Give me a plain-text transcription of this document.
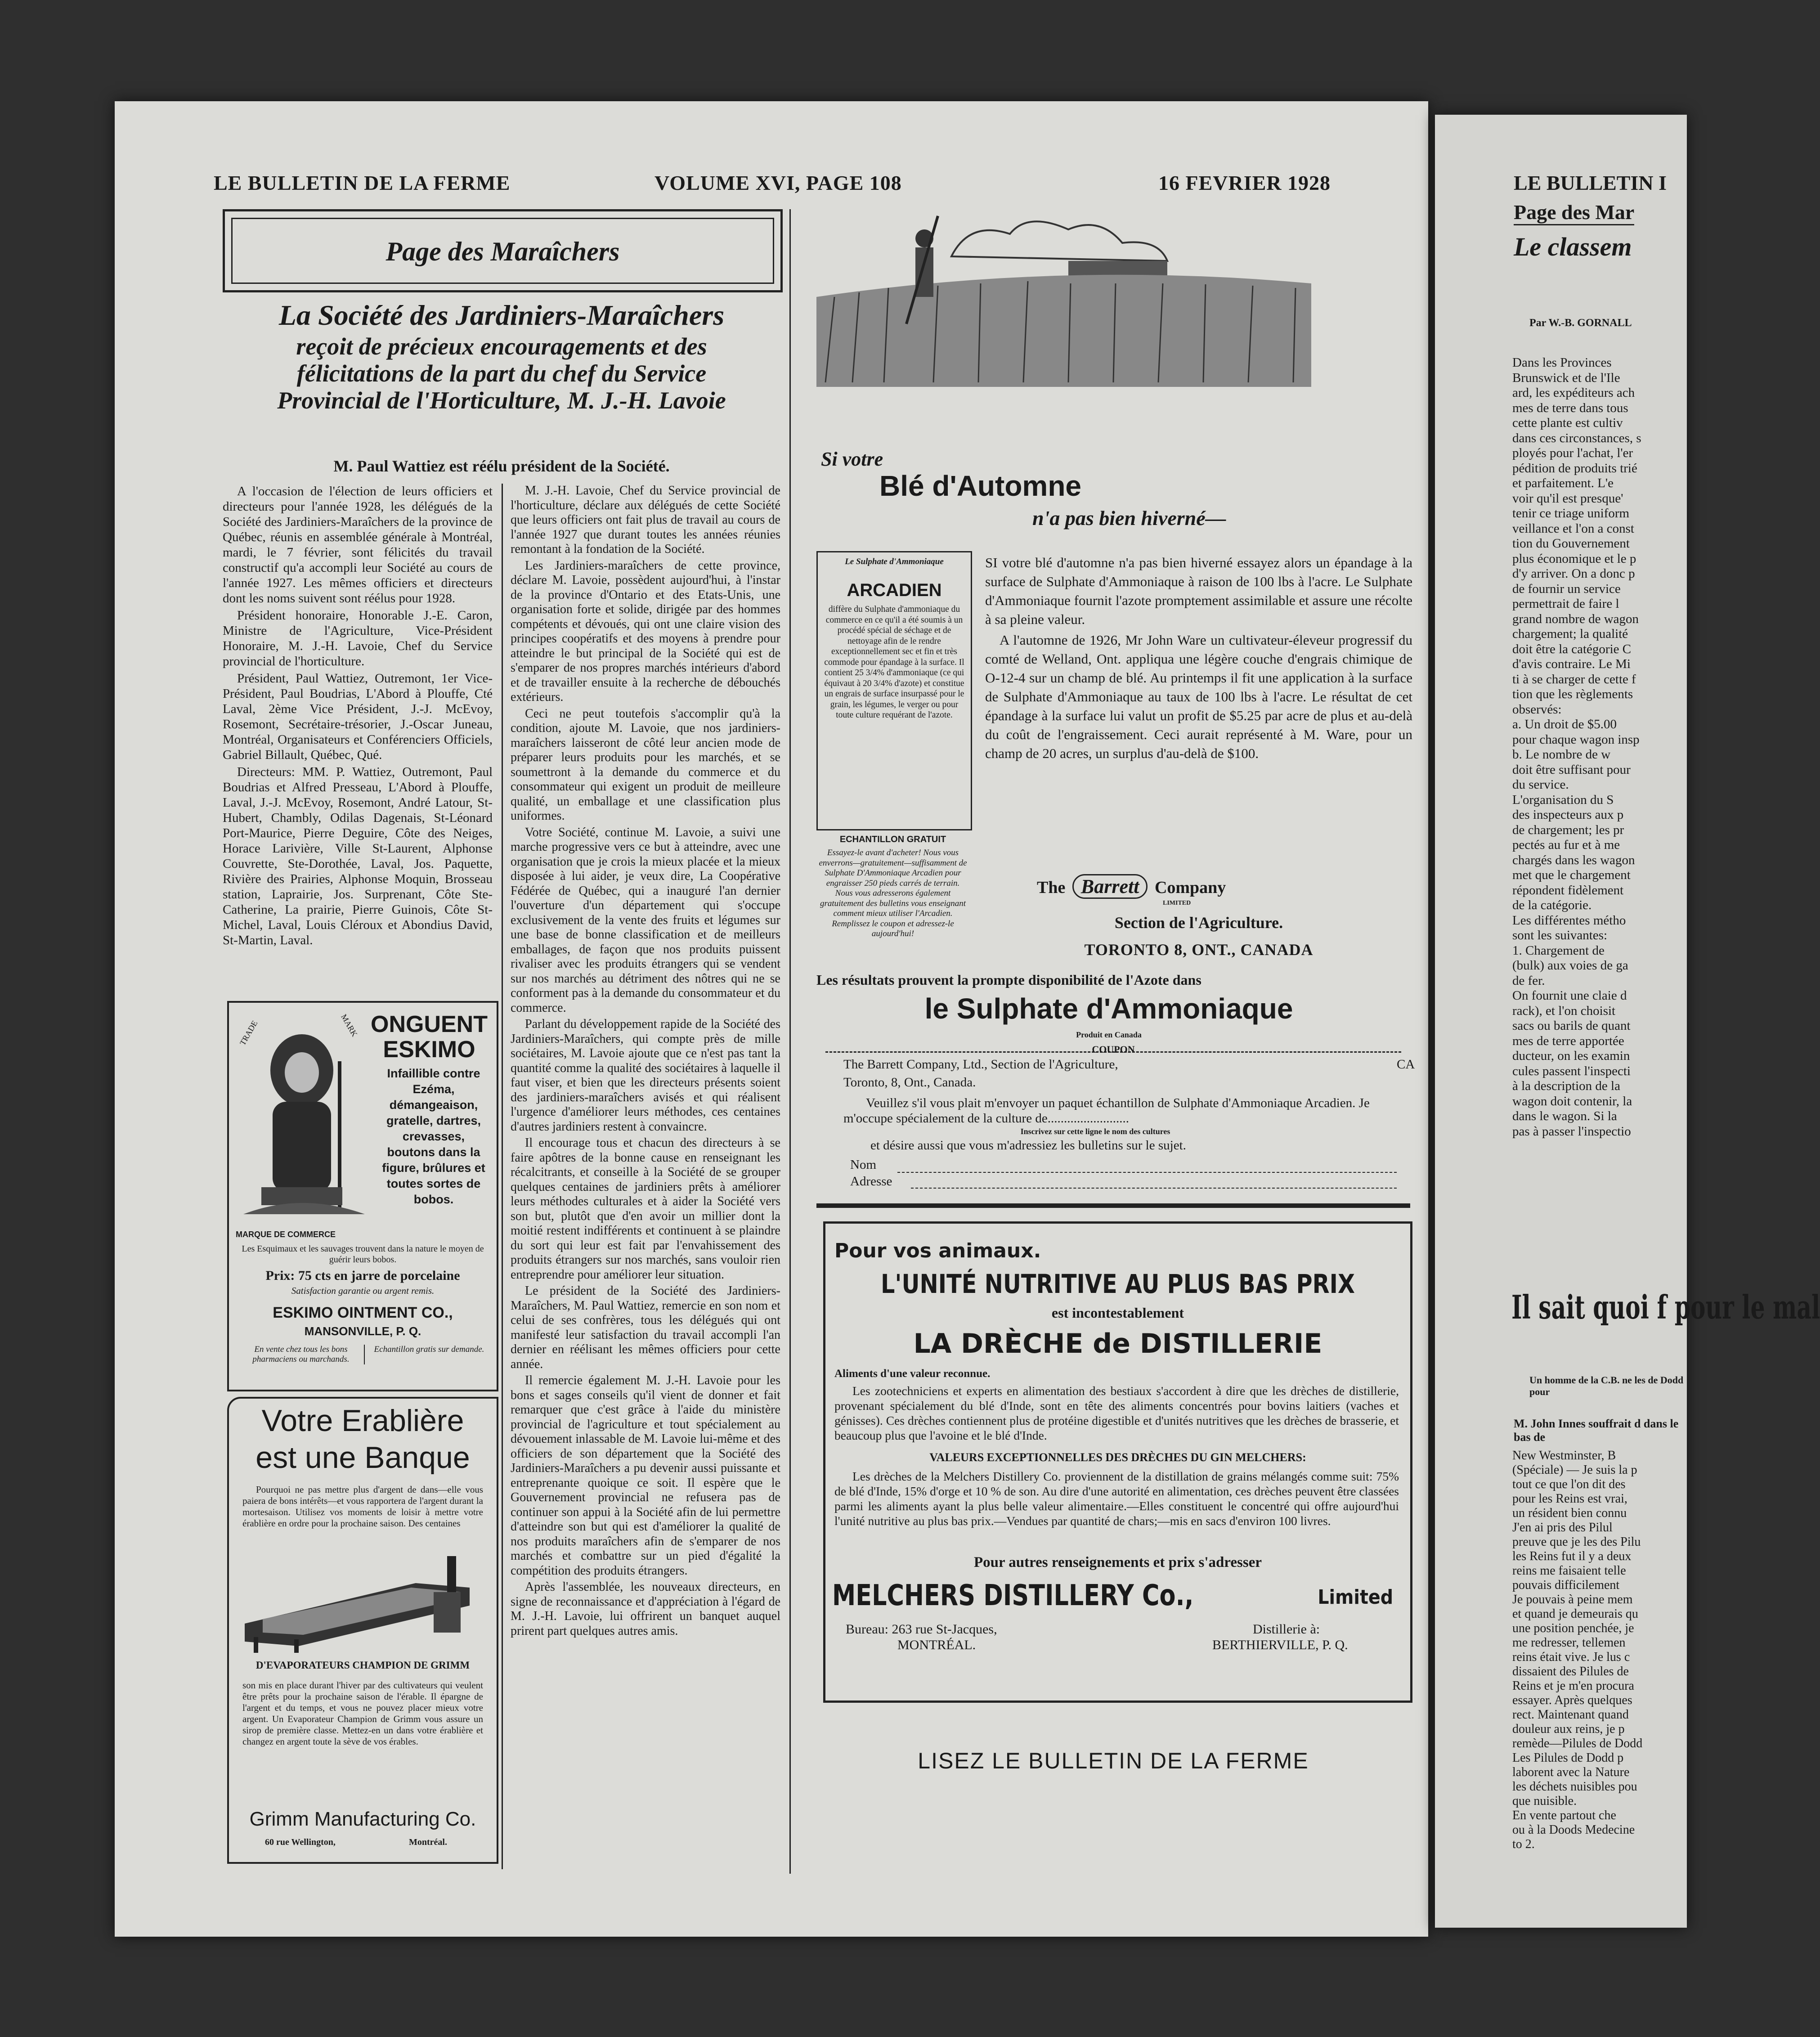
LE BULLETIN DE LA FERME	VOLUME XVI, PAGE 108	16 FEVRIER 1928
Page des Maraîchers
La Société des Jardiniers-Maraîchers
reçoit de précieux encouragements et des félicitations de la part du chef du Service Provincial de l'Horticulture, M. J.-H. Lavoie
M. Paul Wattiez est réélu président de la Société.

A l'occasion de l'élection de leurs officiers et directeurs pour l'année 1928, les délégués de la Société des Jardiniers-Maraîchers de la province de Québec, réunis en assemblée générale à Montréal, mardi, le 7 février, sont félicités du travail constructif qu'a accompli leur Société au cours de l'année 1927. Les mêmes officiers et directeurs dont les noms suivent sont réélus pour 1928.

Président honoraire, Honorable J.-E. Caron, Ministre de l'Agriculture, Vice-Président Honoraire, M. J.-H. Lavoie, Chef du Service provincial de l'horticulture.

Président, Paul Wattiez, Outremont, 1er Vice-Président, Paul Boudrias, L'Abord à Plouffe, Cté Laval, 2ème Vice Président, J.-J. McEvoy, Rosemont, Secrétaire-trésorier, J.-Oscar Juneau, Montréal, Organisateurs et Conférenciers Officiels, Gabriel Billault, Québec, Qué.

Directeurs: MM. P. Wattiez, Outremont, Paul Boudrias et Alfred Presseau, L'Abord à Plouffe, Laval, J.-J. McEvoy, Rosemont, André Latour, St-Hubert, Chambly, Odilas Dagenais, St-Léonard Port-Maurice, Pierre Deguire, Côte des Neiges, Horace Larivière, Ville St-Laurent, Alphonse Couvrette, Ste-Dorothée, Laval, Jos. Paquette, Rivière des Prairies, Alphonse Moquin, Brosseau station, Laprairie, Jos. Surprenant, Côte Ste-Catherine, La prairie, Pierre Guinois, Côte St-Michel, Laval, Louis Cléroux et Abondius David, St-Martin, Laval.

M. J.-H. Lavoie, Chef du Service provincial de l'horticulture, déclare aux délégués de cette Société que leurs officiers ont fait plus de travail au cours de l'année 1927 que durant toutes les années réunies remontant à la fondation de la Société.

Les Jardiniers-maraîchers de cette province, déclare M. Lavoie, possèdent aujourd'hui, à l'instar de la province d'Ontario et des Etats-Unis, une organisation forte et solide, dirigée par des hommes compétents et dévoués, qui ont une claire vision des principes coopératifs et des moyens à prendre pour atteindre le but principal de la Société qui est de s'emparer de nos propres marchés intérieurs d'abord et de travailler ensuite à la recherche de débouchés extérieurs.

Ceci ne peut toutefois s'accomplir qu'à la condition, ajoute M. Lavoie, que nos jardiniers-maraîchers laisseront de côté leur ancien mode de préparer leurs produits pour les marchés, et se soumettront à la demande du commerce et du consommateur qui exigent un produit de meilleure qualité, un emballage et une classification plus uniformes.

Votre Société, continue M. Lavoie, a suivi une marche progressive vers ce but à atteindre, avec une organisation que je crois la mieux placée et la mieux disposée à lui aider, je veux dire, La Coopérative Fédérée de Québec, qui a inauguré l'an dernier l'ouverture d'un département qui s'occupe exclusivement de la vente des fruits et légumes sur une base de bonne classification et de meilleurs emballages, de façon que nos produits puissent rivaliser avec les produits étrangers qui se vendent sur nos marchés au détriment des nôtres qui ne se conforment pas à la demande du consommateur et du commerce.

Parlant du développement rapide de la Société des Jardiniers-Maraîchers, qui compte près de mille sociétaires, M. Lavoie ajoute que ce n'est pas tant la quantité comme la qualité des sociétaires à laquelle il faut viser, et bien que les directeurs présents soient des jardiniers-maraîchers avisés et qui réalisent l'urgence d'améliorer leurs méthodes, ces centaines d'autres jardiniers restent à convaincre.

Il encourage tous et chacun des directeurs à se faire apôtres de la bonne cause en renseignant les récalcitrants, et conseille à la Société de se grouper quelques centaines de jardiniers prêts à améliorer leurs méthodes culturales et à aider la Société vers son but, plutôt que d'en avoir un millier dont la moitié restent indifférents et continuent à se plaindre du sort qui leur est fait par l'envahissement des produits étrangers sur nos marchés, sans vouloir rien entreprendre pour améliorer leur situation.

Le président de la Société des Jardiniers-Maraîchers, M. Paul Wattiez, remercie en son nom et celui de ses confrères, tous les délégués qui ont manifesté leur satisfaction du travail accompli l'an dernier en réélisant les mêmes officiers pour cette année.

Il remercie également M. J.-H. Lavoie pour les bons et sages conseils qu'il vient de donner et fait remarquer que c'est grâce à l'aide du ministère provincial de l'agriculture et tout spécialement au dévouement inlassable de M. Lavoie lui-même et des officiers de son département que la Société des Jardiniers-Maraîchers a pu devenir aussi puissante et entreprenante quoique ce soit. Il espère que le Gouvernement provincial ne refusera pas de continuer son appui à la Société afin de lui permettre d'atteindre son but qui est d'améliorer la qualité de nos produits maraîchers afin de s'emparer de nos marchés et combattre sur un pied d'égalité la compétition des produits étrangers.

Après l'assemblée, les nouveaux directeurs, en signe de reconnaissance et d'appréciation à l'égard de M. J.-H. Lavoie, lui offrirent un banquet auquel prirent part quelques autres amis.

TRADE	MARK ONGUENT
ESKIMO
Infaillible contre Ezéma, démangeaison, gratelle, dartres, crevasses, boutons dans la figure, brûlures et toutes sortes de bobos.
MARQUE DE COMMERCE
Les Esquimaux et les sauvages trouvent dans la nature le moyen de guérir leurs bobos.
Prix: 75 cts en jarre de porcelaine
Satisfaction garantie ou argent remis.
ESKIMO OINTMENT CO.,
MANSONVILLE, P. Q.
En vente chez tous les bons pharmaciens ou marchands.
Echantillon gratis sur demande.
Votre Erablière
est une Banque
Pourquoi ne pas mettre plus d'argent de dans—elle vous paiera de bons intérêts—et vous rapportera de l'argent durant la mortesaison. Utilisez vos moments de loisir à mettre votre érablière en ordre pour la prochaine saison. Des centaines
D'EVAPORATEURS CHAMPION DE GRIMM
son mis en place durant l'hiver par des cultivateurs qui veulent être prêts pour la prochaine saison de l'érable. Il épargne de l'argent et du temps, et vous ne pouvez placer mieux votre argent. Un Evaporateur Champion de Grimm vous assure un sirop de première classe. Mettez-en un dans votre érablière et changez en argent toute la sève de vos érables.
Grimm Manufacturing Co.
60 rue Wellington,	Montréal.
Si votre
Blé d'Automne
n'a pas bien hiverné—
Le Sulphate d'Ammoniaque
ARCADIEN
diffère du Sulphate d'ammoniaque du commerce en ce qu'il a été soumis à un procédé spécial de séchage et de nettoyage afin de le rendre exceptionnellement sec et fin et très commode pour épandage à la surface. Il contient 25 3/4% d'ammoniaque (ce qui équivaut à 20 3/4% d'azote) et constitue un engrais de surface insurpassé pour le grain, les légumes, le verger ou pour toute culture requérant de l'azote.
ECHANTILLON GRATUIT
Essayez-le avant d'acheter! Nous vous enverrons—gratuitement—suffisamment de Sulphate D'Ammoniaque Arcadien pour engraisser 250 pieds carrés de terrain. Nous vous adresserons également gratuitement des bulletins vous enseignant comment mieux utiliser l'Arcadien. Remplissez le coupon et adressez-le aujourd'hui!

SI votre blé d'automne n'a pas bien hiverné essayez alors un épandage à la surface de Sulphate d'Ammoniaque à raison de 100 lbs à l'acre. Le Sulphate d'Ammoniaque fournit l'azote promptement assimilable et assure une récolte à sa pleine valeur.

A l'automne de 1926, Mr John Ware un cultivateur-éleveur progressif du comté de Welland, Ont. appliqua une légère couche d'engrais chimique de O-12-4 sur un champ de blé. Au printemps il fit une application à la surface de Sulphate d'Ammoniaque au taux de 100 lbs à l'acre. Le résultat de cet épandage à la surface lui valut un profit de $5.25 par acre de plus et au-delà du coût de l'engraissement. Ceci aurait représenté à M. Ware, pour un champ de 20 acres, un surplus d'au-delà de $100.

The Barrett Company
LIMITED
Section de l'Agriculture.
TORONTO 8, ONT., CANADA
Les résultats prouvent la prompte disponibilité de l'Azote dans
le Sulphate d'Ammoniaque
Produit en Canada
COUPON
The Barrett Company, Ltd., Section de l'Agriculture,	CA
Toronto, 8, Ont., Canada.
Veuillez s'il vous plait m'envoyer un paquet échantillon de Sulphate d'Ammoniaque Arcadien. Je m'occupe spécialement de la culture de.........................
Inscrivez sur cette ligne le nom des cultures
et désire aussi que vous m'adressiez les bulletins sur le sujet.
Nom
Adresse
Pour vos animaux.
L'UNITÉ NUTRITIVE AU PLUS BAS PRIX
est incontestablement
LA DRÈCHE de DISTILLERIE
Aliments d'une valeur reconnue.
Les zootechniciens et experts en alimentation des bestiaux s'accordent à dire que les drèches de distillerie, provenant spécialement du blé d'Inde, sont en tête des aliments concentrés pour bovins laitiers (vaches et génisses). Ces drèches contiennent plus de protéine digestible et d'unités nutritives que les drèches de brasserie, et beaucoup plus que l'avoine et le blé d'Inde.
VALEURS EXCEPTIONNELLES DES DRÈCHES DU GIN MELCHERS:
Les drèches de la Melchers Distillery Co. proviennent de la distillation de grains mélangés comme suit: 75% de blé d'Inde, 15% d'orge et 10 % de son. Au dire d'une autorité en alimentation, ces drèches peuvent être classées parmi les aliments ayant la plus belle valeur alimentaire.—Elles constituent le concentré qui offre aujourd'hui l'unité nutritive au plus bas prix.—Vendues par quantité de chars;—mis en sacs d'environ 100 livres.
Pour autres renseignements et prix s'adresser
MELCHERS DISTILLERY Co.,	Limited
Bureau: 263 rue St-Jacques,
MONTRÉAL.
Distillerie à:
BERTHIERVILLE, P. Q.
LISEZ LE BULLETIN DE LA FERME
LE BULLETIN I
Page des Mar
Le classem
Par W.-B. GORNALL
Dans les Provinces
Brunswick et de l'Ile
ard, les expéditeurs ach
mes de terre dans tous
cette plante est cultiv
dans ces circonstances, s
ployés pour l'achat, l'er
pédition de produits trié
et parfaitement. L'e
voir qu'il est presque'
tenir ce triage uniform
veillance et l'on a const
tion du Gouvernement
plus économique et le p
d'y arriver. On a donc p
de fournir un service
permettrait de faire l
grand nombre de wagon
chargement; la qualité
doit être la catégorie C
d'avis contraire. Le Mi
ti à se charger de cette f
tion que les règlements
observés:
a. Un droit de $5.00
pour chaque wagon insp
b. Le nombre de w
doit être suffisant pour
du service.
L'organisation du S
des inspecteurs aux p
de chargement; les pr
pectés au fur et à me
chargés dans les wagon
met que le chargement
répondent fidèlement
de la catégorie.
Les différentes métho
sont les suivantes:
1. Chargement de
(bulk) aux voies de ga
de fer.
On fournit une claie d
rack), et l'on choisit
sacs ou barils de quant
mes de terre apportée
ducteur, on les examin
cules passent l'inspecti
à la description de la
wagon doit contenir, la
dans le wagon. Si la
pas à passer l'inspectio
Il sait quoi f pour le mal
Un homme de la C.B. ne les de Dodd pour
M. John Innes souffrait d dans le bas de
New Westminster, B
(Spéciale) — Je suis la p
tout ce que l'on dit des
pour les Reins est vrai,
un résident bien connu
J'en ai pris des Pilul
preuve que je les des Pilu
les Reins fut il y a deux
reins me faisaient telle
pouvais difficilement
Je pouvais à peine mem
et quand je demeurais qu
une position penchée, je
me redresser, tellemen
reins était vive. Je lus c
dissaient des Pilules de
Reins et je m'en procura
essayer. Après quelques
rect. Maintenant quand
douleur aux reins, je p
remède—Pilules de Dodd
Les Pilules de Dodd p
laborent avec la Nature
les déchets nuisibles pou
que nuisible.
En vente partout che
ou à la Doods Medecine
to 2.
